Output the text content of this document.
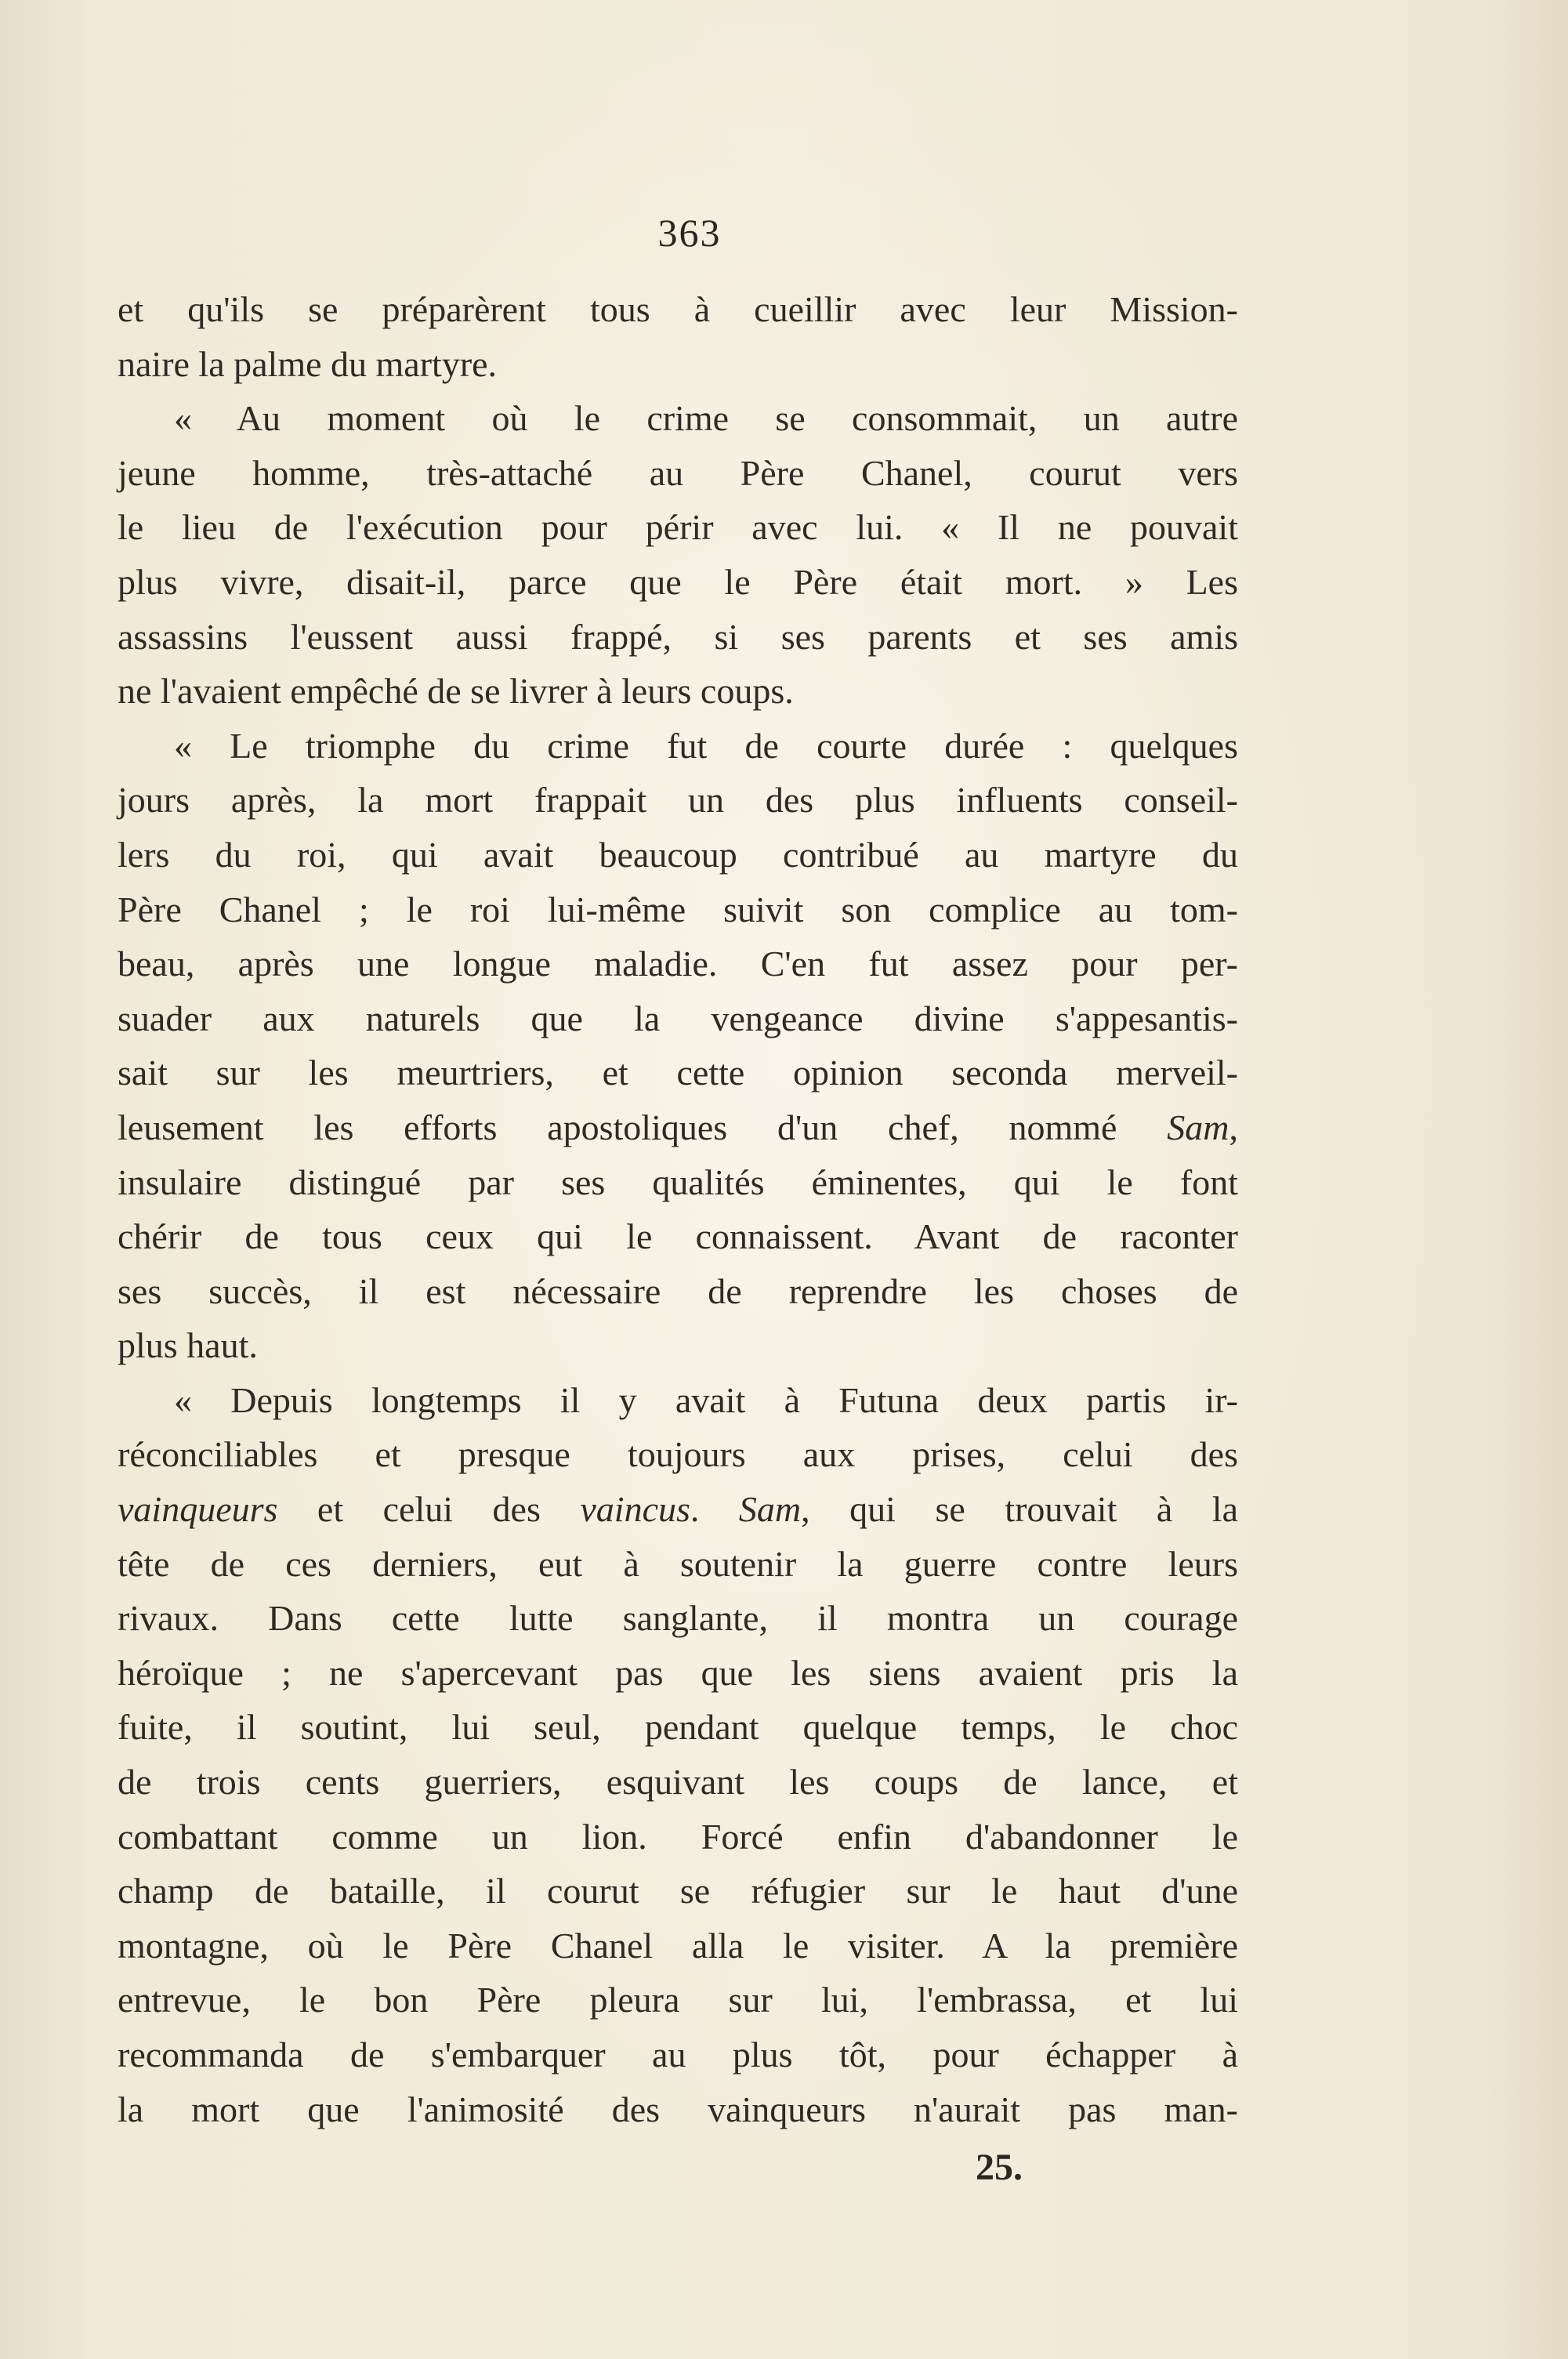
363
et qu'ils se préparèrent tous à cueillir avec leur Mission-
naire la palme du martyre.
« Au moment où le crime se consommait, un autre
jeune homme, très-attaché au Père Chanel, courut vers
le lieu de l'exécution pour périr avec lui. « Il ne pouvait
plus vivre, disait-il, parce que le Père était mort. » Les
assassins l'eussent aussi frappé, si ses parents et ses amis
ne l'avaient empêché de se livrer à leurs coups.
« Le triomphe du crime fut de courte durée : quelques
jours après, la mort frappait un des plus influents conseil-
lers du roi, qui avait beaucoup contribué au martyre du
Père Chanel ; le roi lui-même suivit son complice au tom-
beau, après une longue maladie. C'en fut assez pour per-
suader aux naturels que la vengeance divine s'appesantis-
sait sur les meurtriers, et cette opinion seconda merveil-
leusement les efforts apostoliques d'un chef, nommé Sam,
insulaire distingué par ses qualités éminentes, qui le font
chérir de tous ceux qui le connaissent. Avant de raconter
ses succès, il est nécessaire de reprendre les choses de
plus haut.
« Depuis longtemps il y avait à Futuna deux partis ir-
réconciliables et presque toujours aux prises, celui des
vainqueurs et celui des vaincus. Sam, qui se trouvait à la
tête de ces derniers, eut à soutenir la guerre contre leurs
rivaux. Dans cette lutte sanglante, il montra un courage
héroïque ; ne s'apercevant pas que les siens avaient pris la
fuite, il soutint, lui seul, pendant quelque temps, le choc
de trois cents guerriers, esquivant les coups de lance, et
combattant comme un lion. Forcé enfin d'abandonner le
champ de bataille, il courut se réfugier sur le haut d'une
montagne, où le Père Chanel alla le visiter. A la première
entrevue, le bon Père pleura sur lui, l'embrassa, et lui
recommanda de s'embarquer au plus tôt, pour échapper à
la mort que l'animosité des vainqueurs n'aurait pas man-
25.
